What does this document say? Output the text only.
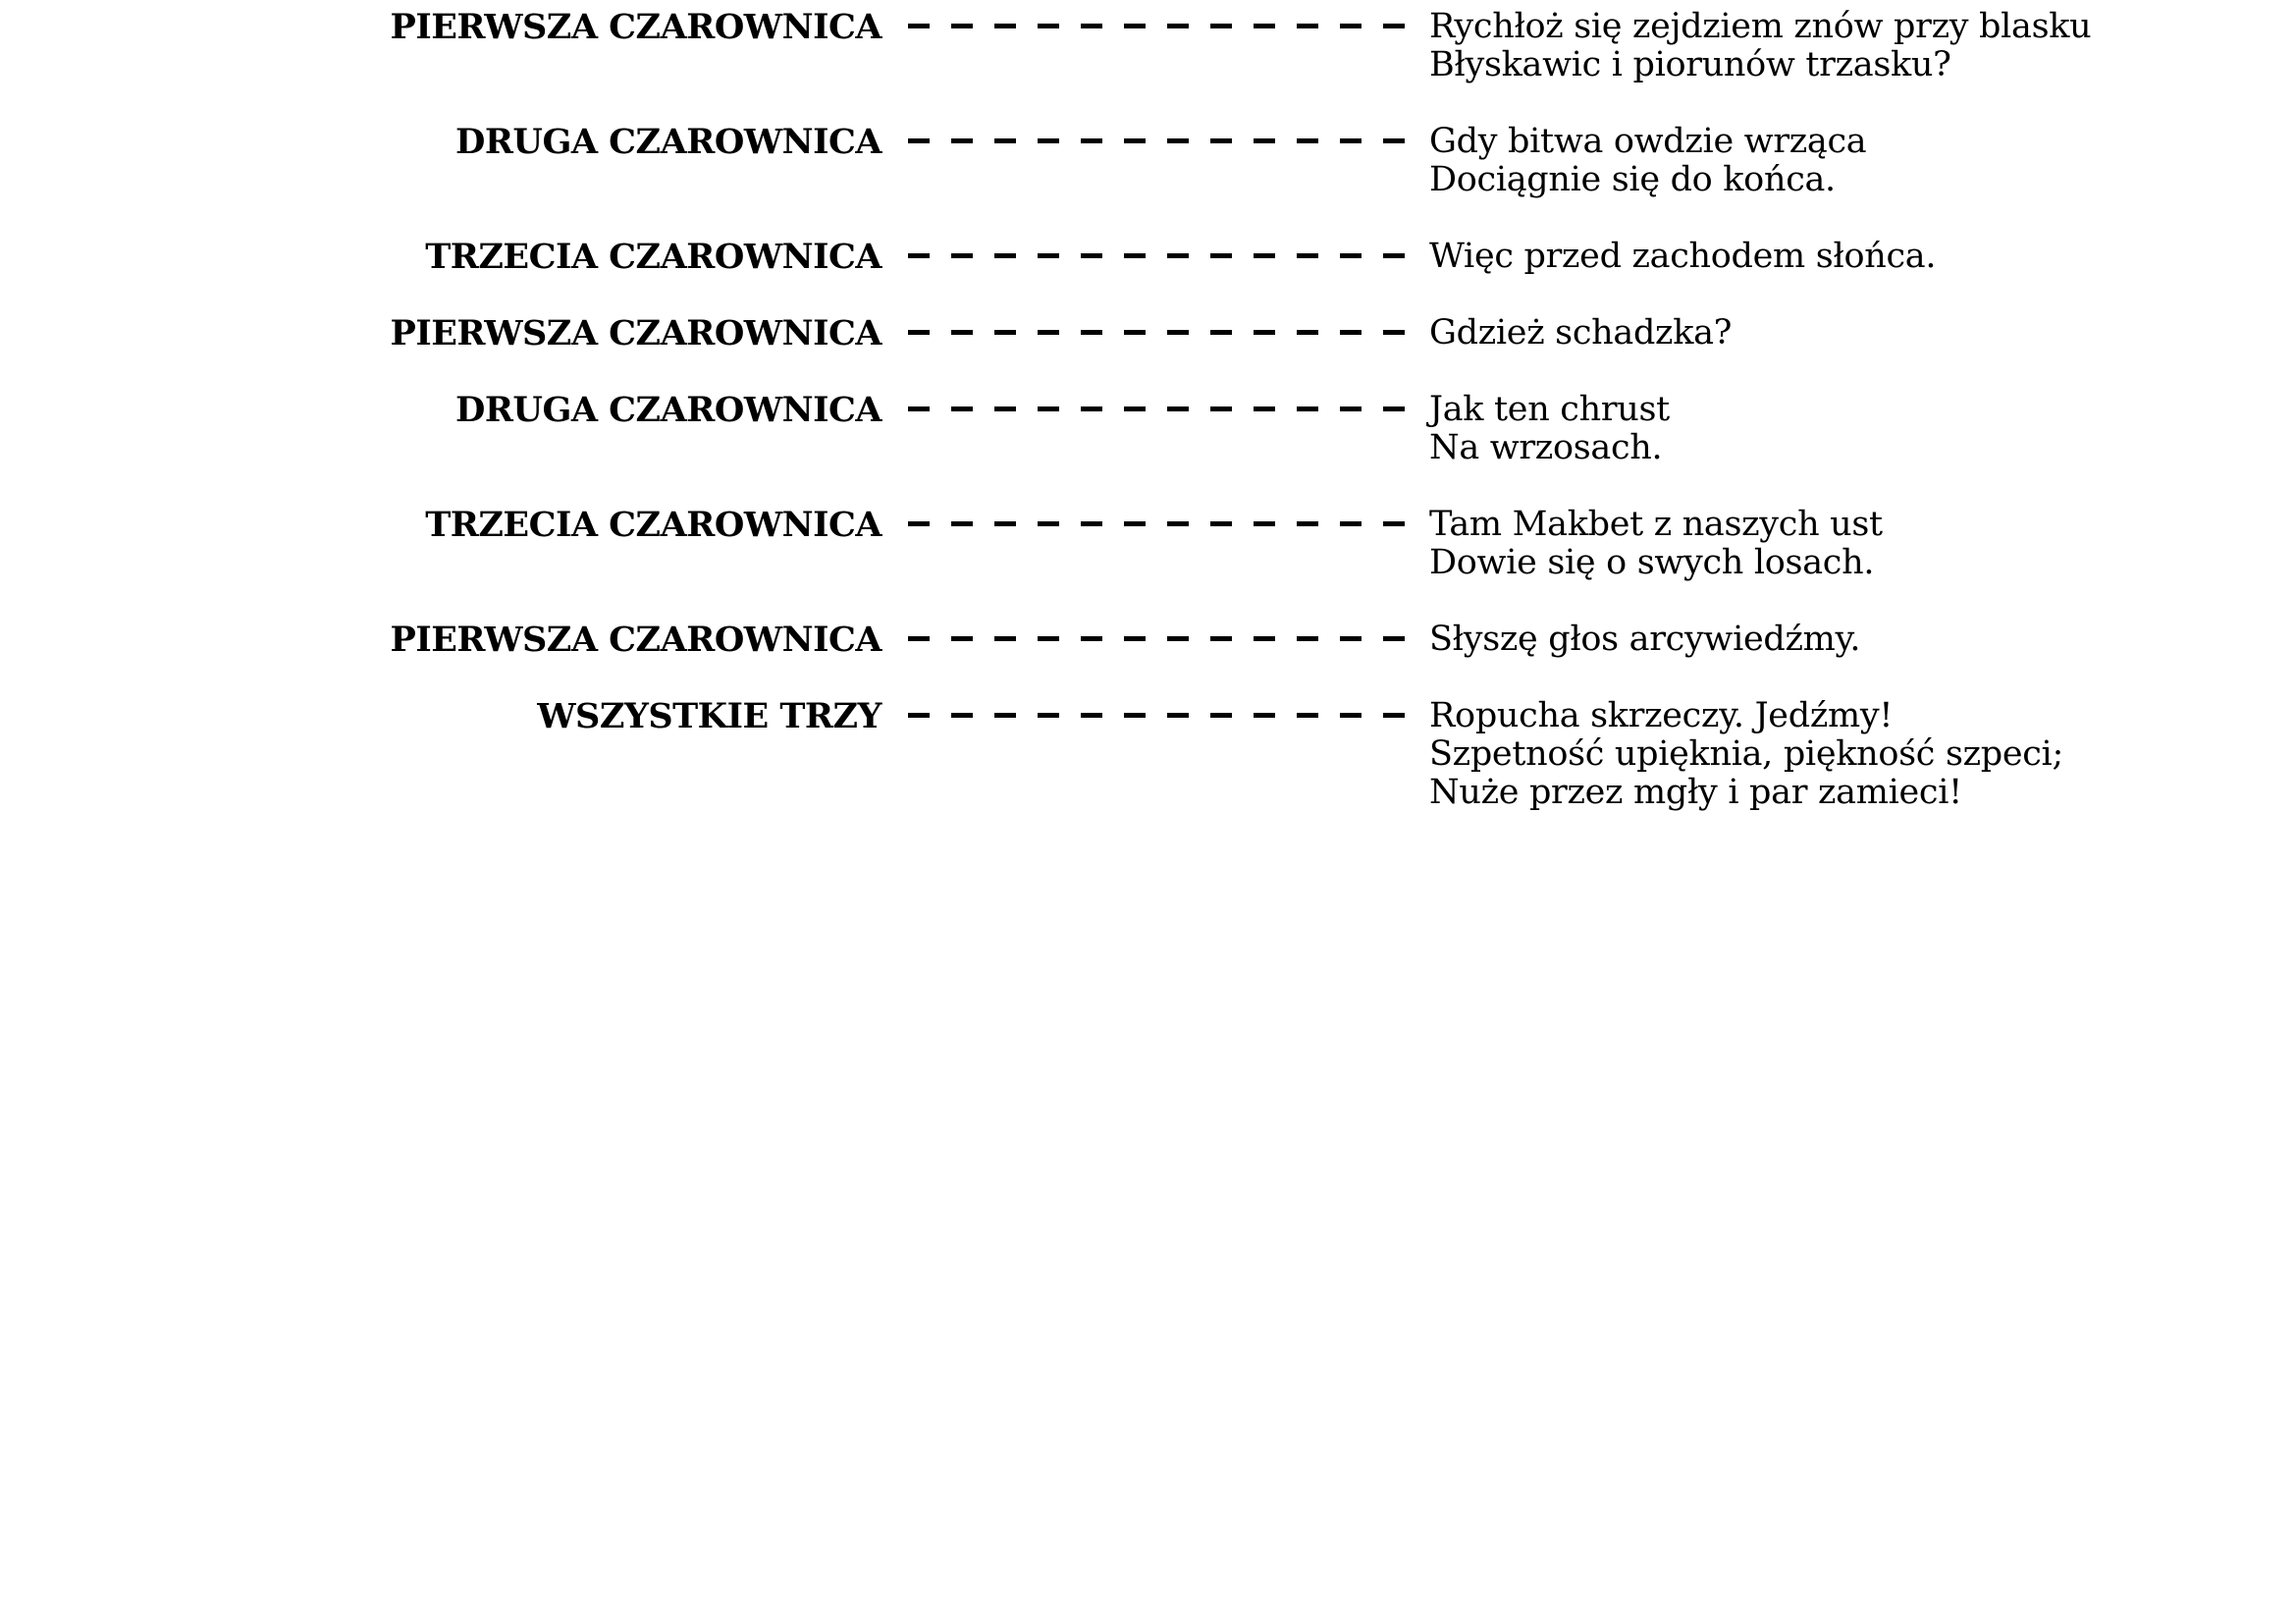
PIERWSZA CZAROWNICA	Rychłoż się zejdziem znów przy blasku
Błyskawic i piorunów trzasku?
DRUGA CZAROWNICA	Gdy bitwa owdzie wrząca
Dociągnie się do końca.
TRZECIA CZAROWNICA	Więc przed zachodem słońca.
PIERWSZA CZAROWNICA	Gdzież schadzka?
DRUGA CZAROWNICA	Jak ten chrust
Na wrzosach.
TRZECIA CZAROWNICA	Tam Makbet z naszych ust
Dowie się o swych losach.
PIERWSZA CZAROWNICA	Słyszę głos arcywiedźmy.
WSZYSTKIE TRZY	Ropucha skrzeczy. Jedźmy!
Szpetność upiękniа, piękność szpeci;
Nuże przez mgły i par zamieci!
